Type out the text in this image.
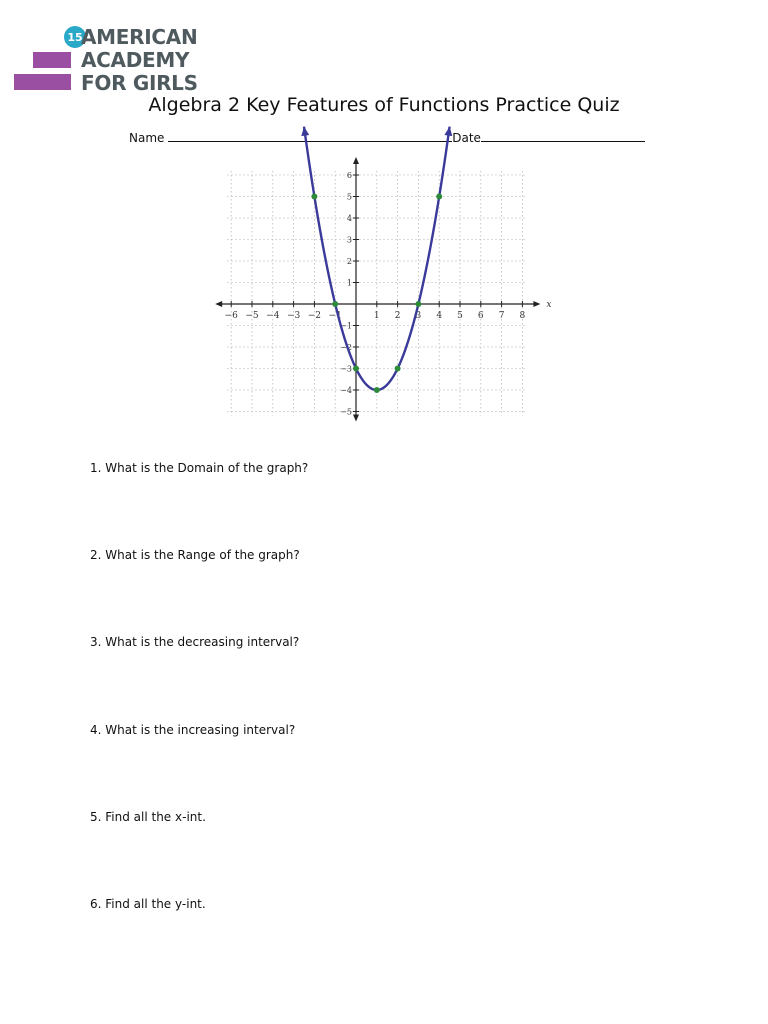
15
AMERICAN
ACADEMY
FOR GIRLS
Algebra 2 Key Features of Functions Practice Quiz
Name	Date
−6 −5 −4 −3 −2 −1	1 2 3 4 5 6 7 8
−5
−4
−3
−2
−1
1
2
3
4
5
6
x
1. What is the Domain of the graph?
2. What is the Range of the graph?
3. What is the decreasing interval?
4. What is the increasing interval?
5. Find all the x-int.
6. Find all the y-int.
